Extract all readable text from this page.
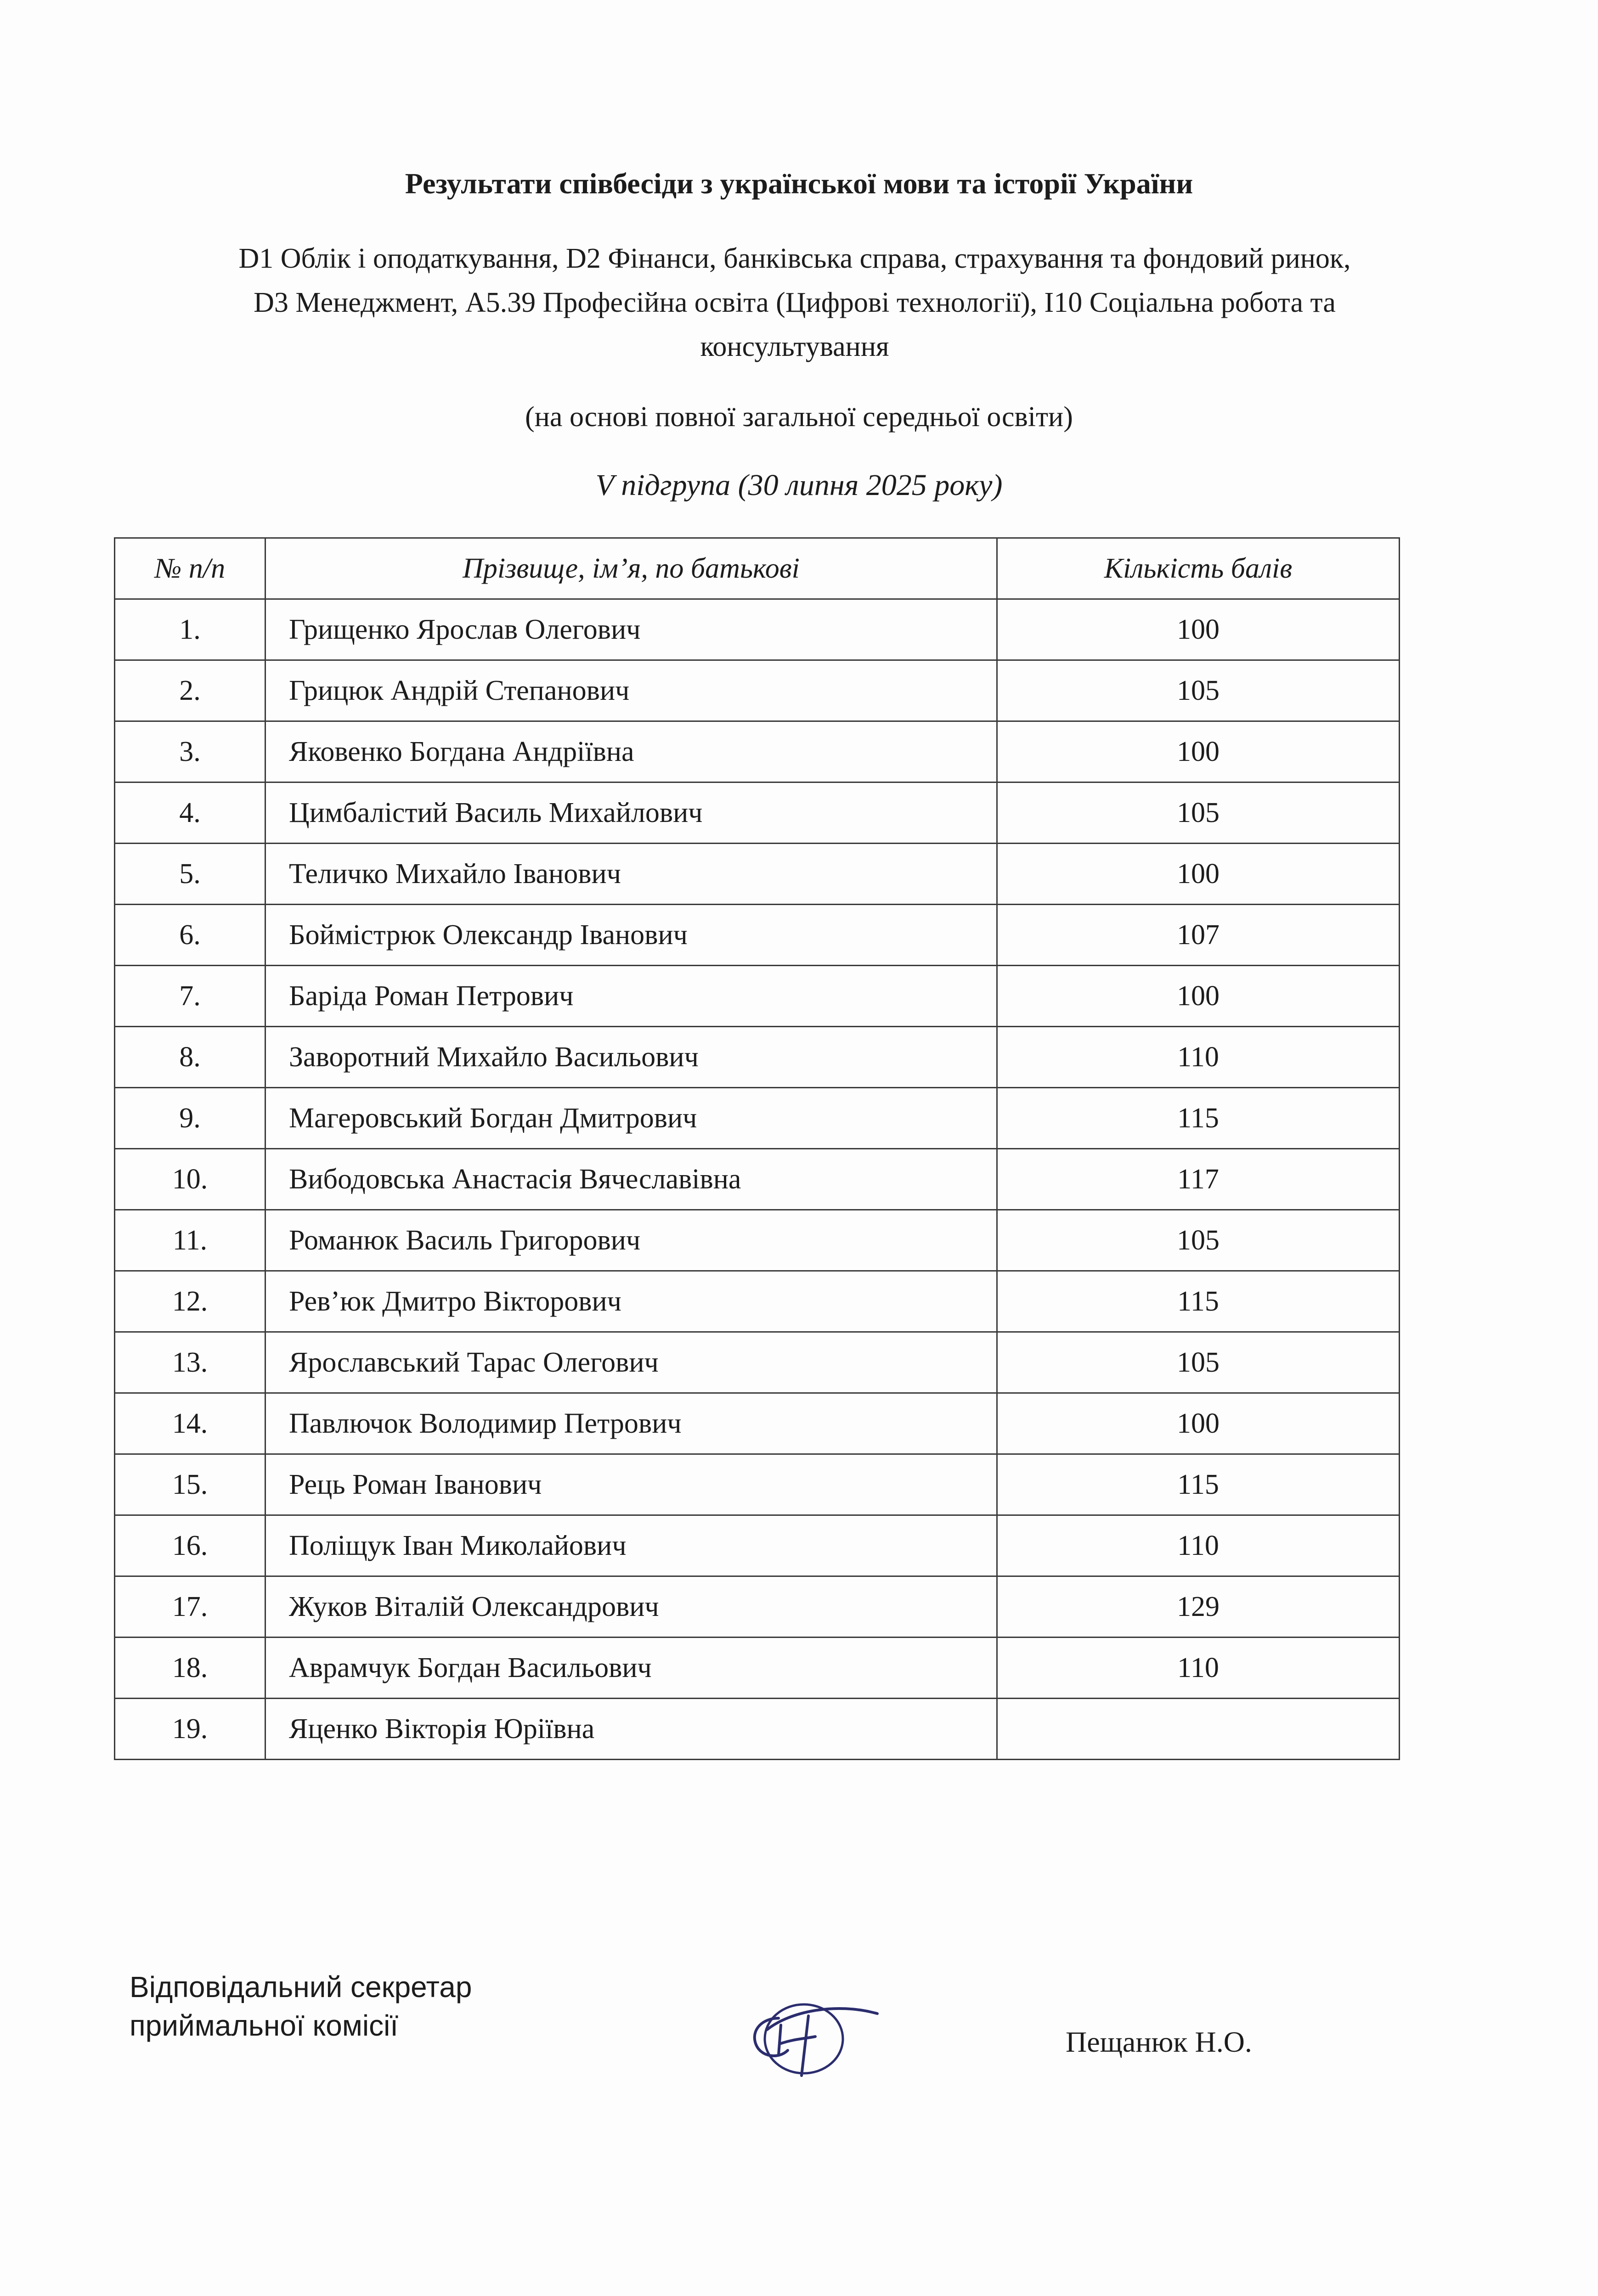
Результати співбесіди з української мови та історії України
D1 Облік і оподаткування, D2 Фінанси, банківська справа, страхування та фондовий ринок,
D3 Менеджмент, A5.39 Професійна освіта (Цифрові технології), I10 Соціальна робота та
консультування
(на основі повної загальної середньої освіти)
V підгрупа (30 липня 2025 року)
№ п/п	Прізвище, ім’я, по батькові	Кількість балів
1.	Грищенко Ярослав Олегович	100
2.	Грицюк Андрій Степанович	105
3.	Яковенко Богдана Андріївна	100
4.	Цимбалістий Василь Михайлович	105
5.	Теличко Михайло Іванович	100
6.	Боймістрюк Олександр Іванович	107
7.	Баріда Роман Петрович	100
8.	Заворотний Михайло Васильович	110
9.	Магеровський Богдан Дмитрович	115
10.	Вибодовська Анастасія Вячеславівна	117
11.	Романюк Василь Григорович	105
12.	Рев’юк Дмитро Вікторович	115
13.	Ярославський Тарас Олегович	105
14.	Павлючок Володимир Петрович	100
15.	Рець Роман Іванович	115
16.	Поліщук Іван Миколайович	110
17.	Жуков Віталій Олександрович	129
18.	Аврамчук Богдан Васильович	110
19.	Яценко Вікторія Юріївна	
Відповідальний секретар
приймальної комісії	Пещанюк Н.О.
